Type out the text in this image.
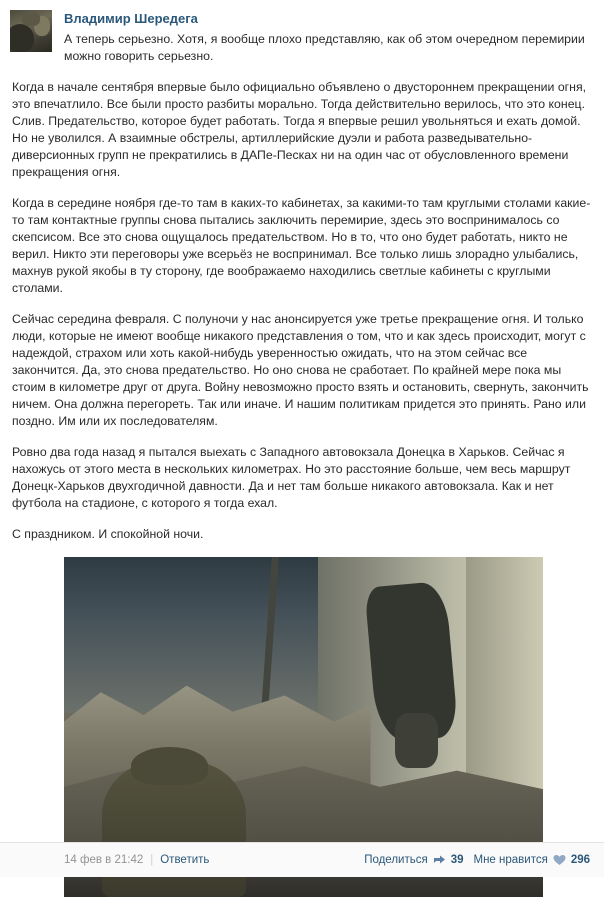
Владимир Шередега

А теперь серьезно. Хотя, я вообще плохо представляю, как об этом очередном перемирии можно говорить серьезно.

Когда в начале сентября впервые было официально объявлено о двустороннем прекращении огня, это впечатлило. Все были просто разбиты морально. Тогда действительно верилось, что это конец. Слив. Предательство, которое будет работать. Тогда я впервые решил увольняться и ехать домой. Но не уволился. А взаимные обстрелы, артиллерийские дуэли и работа разведывательно-диверсионных групп не прекратились в ДАПе-Песках ни на один час от обусловленного времени прекращения огня.

Когда в середине ноября где-то там в каких-то кабинетах, за какими-то там круглыми столами какие-то там контактные группы снова пытались заключить перемирие, здесь это воспринималось со скепсисом. Все это снова ощущалось предательством. Но в то, что оно будет работать, никто не верил. Никто эти переговоры уже всерьёз не воспринимал. Все только лишь злорадно улыбались, махнув рукой якобы в ту сторону, где воображаемо находились светлые кабинеты с круглыми столами.

Сейчас середина февраля. С полуночи у нас анонсируется уже третье прекращение огня. И только люди, которые не имеют вообще никакого представления о том, что и как здесь происходит, могут с надеждой, страхом или хоть какой-нибудь уверенностью ожидать, что на этом сейчас все закончится. Да, это снова предательство. Но оно снова не сработает. По крайней мере пока мы стоим в километре друг от друга. Войну невозможно просто взять и остановить, свернуть, закончить ничем. Она должна перегореть. Так или иначе. И нашим политикам придется это принять. Рано или поздно. Им или их последователям.

Ровно два года назад я пытался выехать с Западного автовокзала Донецка в Харьков. Сейчас я нахожусь от этого места в нескольких километрах. Но это расстояние больше, чем весь маршрут Донецк-Харьков двухгодичной давности. Да и нет там больше никакого автовокзала. Как и нет футбола на стадионе, с которого я тогда ехал.

С праздником. И спокойной ночи.

14 фев в 21:42 | Ответить	Поделиться 39 Мне нравится 296
